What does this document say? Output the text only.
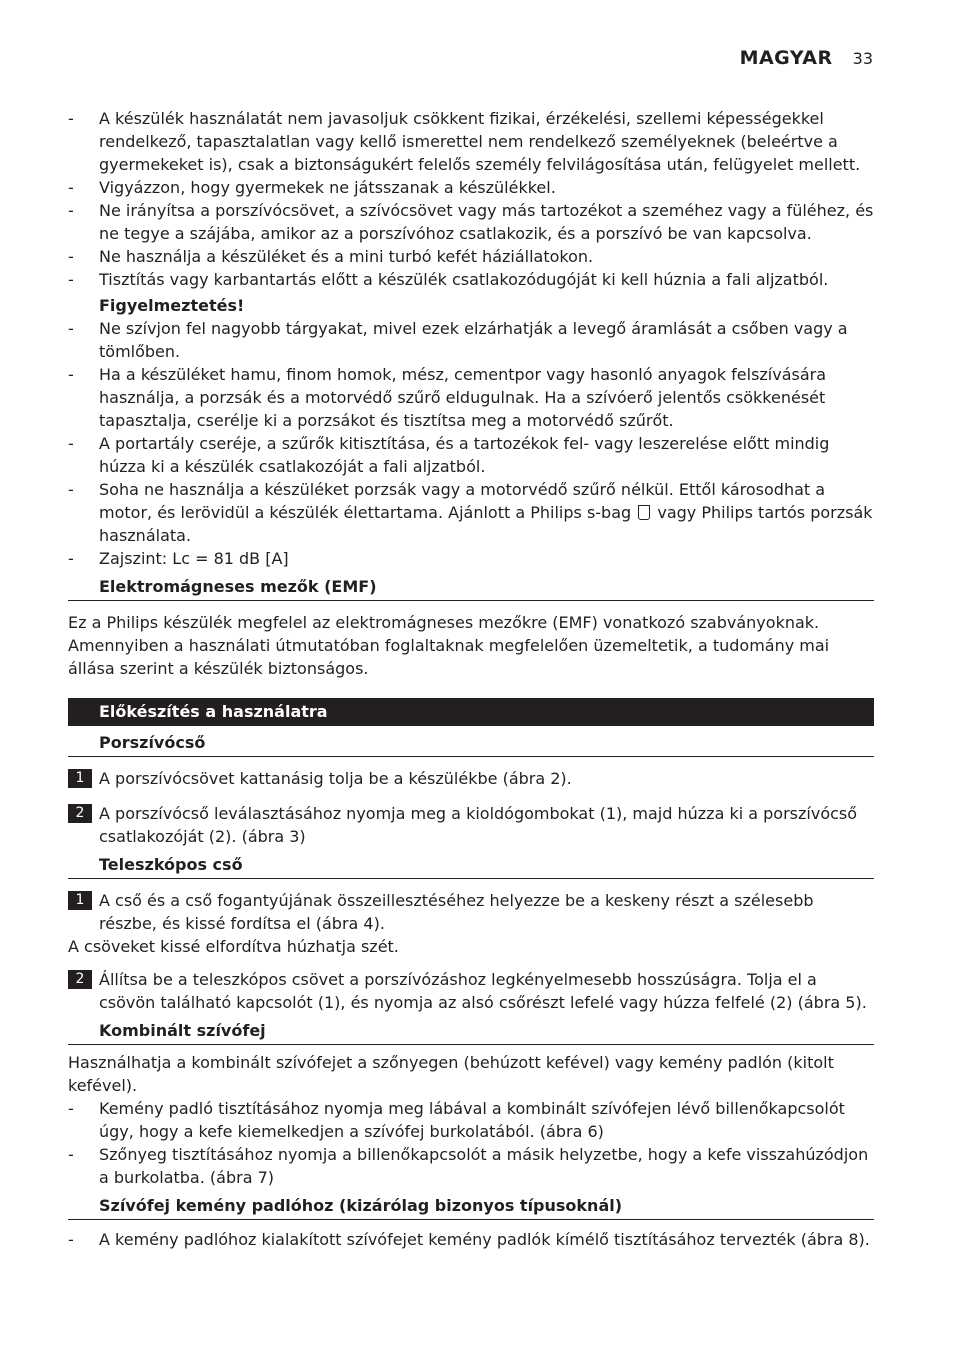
MAGYAR 33
- A készülék használatát nem javasoljuk csökkent fizikai, érzékelési, szellemi képességekkel rendelkező, tapasztalatlan vagy kellő ismerettel nem rendelkező személyeknek (beleértve a gyermekeket is), csak a biztonságukért felelős személy felvilágosítása után, felügyelet mellett.
- Vigyázzon, hogy gyermekek ne játsszanak a készülékkel.
- Ne irányítsa a porszívócsövet, a szívócsövet vagy más tartozékot a szeméhez vagy a füléhez, és ne tegye a szájába, amikor az a porszívóhoz csatlakozik, és a porszívó be van kapcsolva.
- Ne használja a készüléket és a mini turbó kefét háziállatokon.
- Tisztítás vagy karbantartás előtt a készülék csatlakozódugóját ki kell húznia a fali aljzatból.
Figyelmeztetés!
- Ne szívjon fel nagyobb tárgyakat, mivel ezek elzárhatják a levegő áramlását a csőben vagy a tömlőben.
- Ha a készüléket hamu, finom homok, mész, cementpor vagy hasonló anyagok felszívására használja, a porzsák és a motorvédő szűrő eldugulnak. Ha a szívóerő jelentős csökkenését tapasztalja, cserélje ki a porzsákot és tisztítsa meg a motorvédő szűrőt.
- A portartály cseréje, a szűrők kitisztítása, és a tartozékok fel- vagy leszerelése előtt mindig húzza ki a készülék csatlakozóját a fali aljzatból.
- Soha ne használja a készüléket porzsák vagy a motorvédő szűrő nélkül. Ettől károsodhat a motor, és lerövidül a készülék élettartama. Ajánlott a Philips s-bag vagy Philips tartós porzsák használata.
- Zajszint: Lc = 81 dB [A]
Elektromágneses mezők (EMF)
Ez a Philips készülék megfelel az elektromágneses mezőkre (EMF) vonatkozó szabványoknak. Amennyiben a használati útmutatóban foglaltaknak megfelelően üzemeltetik, a tudomány mai állása szerint a készülék biztonságos.
Előkészítés a használatra
Porszívócső
1 A porszívócsövet kattanásig tolja be a készülékbe (ábra 2).
2 A porszívócső leválasztásához nyomja meg a kioldógombokat (1), majd húzza ki a porszívócső csatlakozóját (2). (ábra 3)
Teleszkópos cső
1 A cső és a cső fogantyújának összeillesztéséhez helyezze be a keskeny részt a szélesebb részbe, és kissé fordítsa el (ábra 4).
A csöveket kissé elfordítva húzhatja szét.
2 Állítsa be a teleszkópos csövet a porszívózáshoz legkényelmesebb hosszúságra. Tolja el a csövön található kapcsolót (1), és nyomja az alsó csőrészt lefelé vagy húzza felfelé (2) (ábra 5).
Kombinált szívófej
Használhatja a kombinált szívófejet a szőnyegen (behúzott kefével) vagy kemény padlón (kitolt kefével).
- Kemény padló tisztításához nyomja meg lábával a kombinált szívófejen lévő billenőkapcsolót úgy, hogy a kefe kiemelkedjen a szívófej burkolatából. (ábra 6)
- Szőnyeg tisztításához nyomja a billenőkapcsolót a másik helyzetbe, hogy a kefe visszahúzódjon a burkolatba. (ábra 7)
Szívófej kemény padlóhoz (kizárólag bizonyos típusoknál)
- A kemény padlóhoz kialakított szívófejet kemény padlók kímélő tisztításához tervezték (ábra 8).
